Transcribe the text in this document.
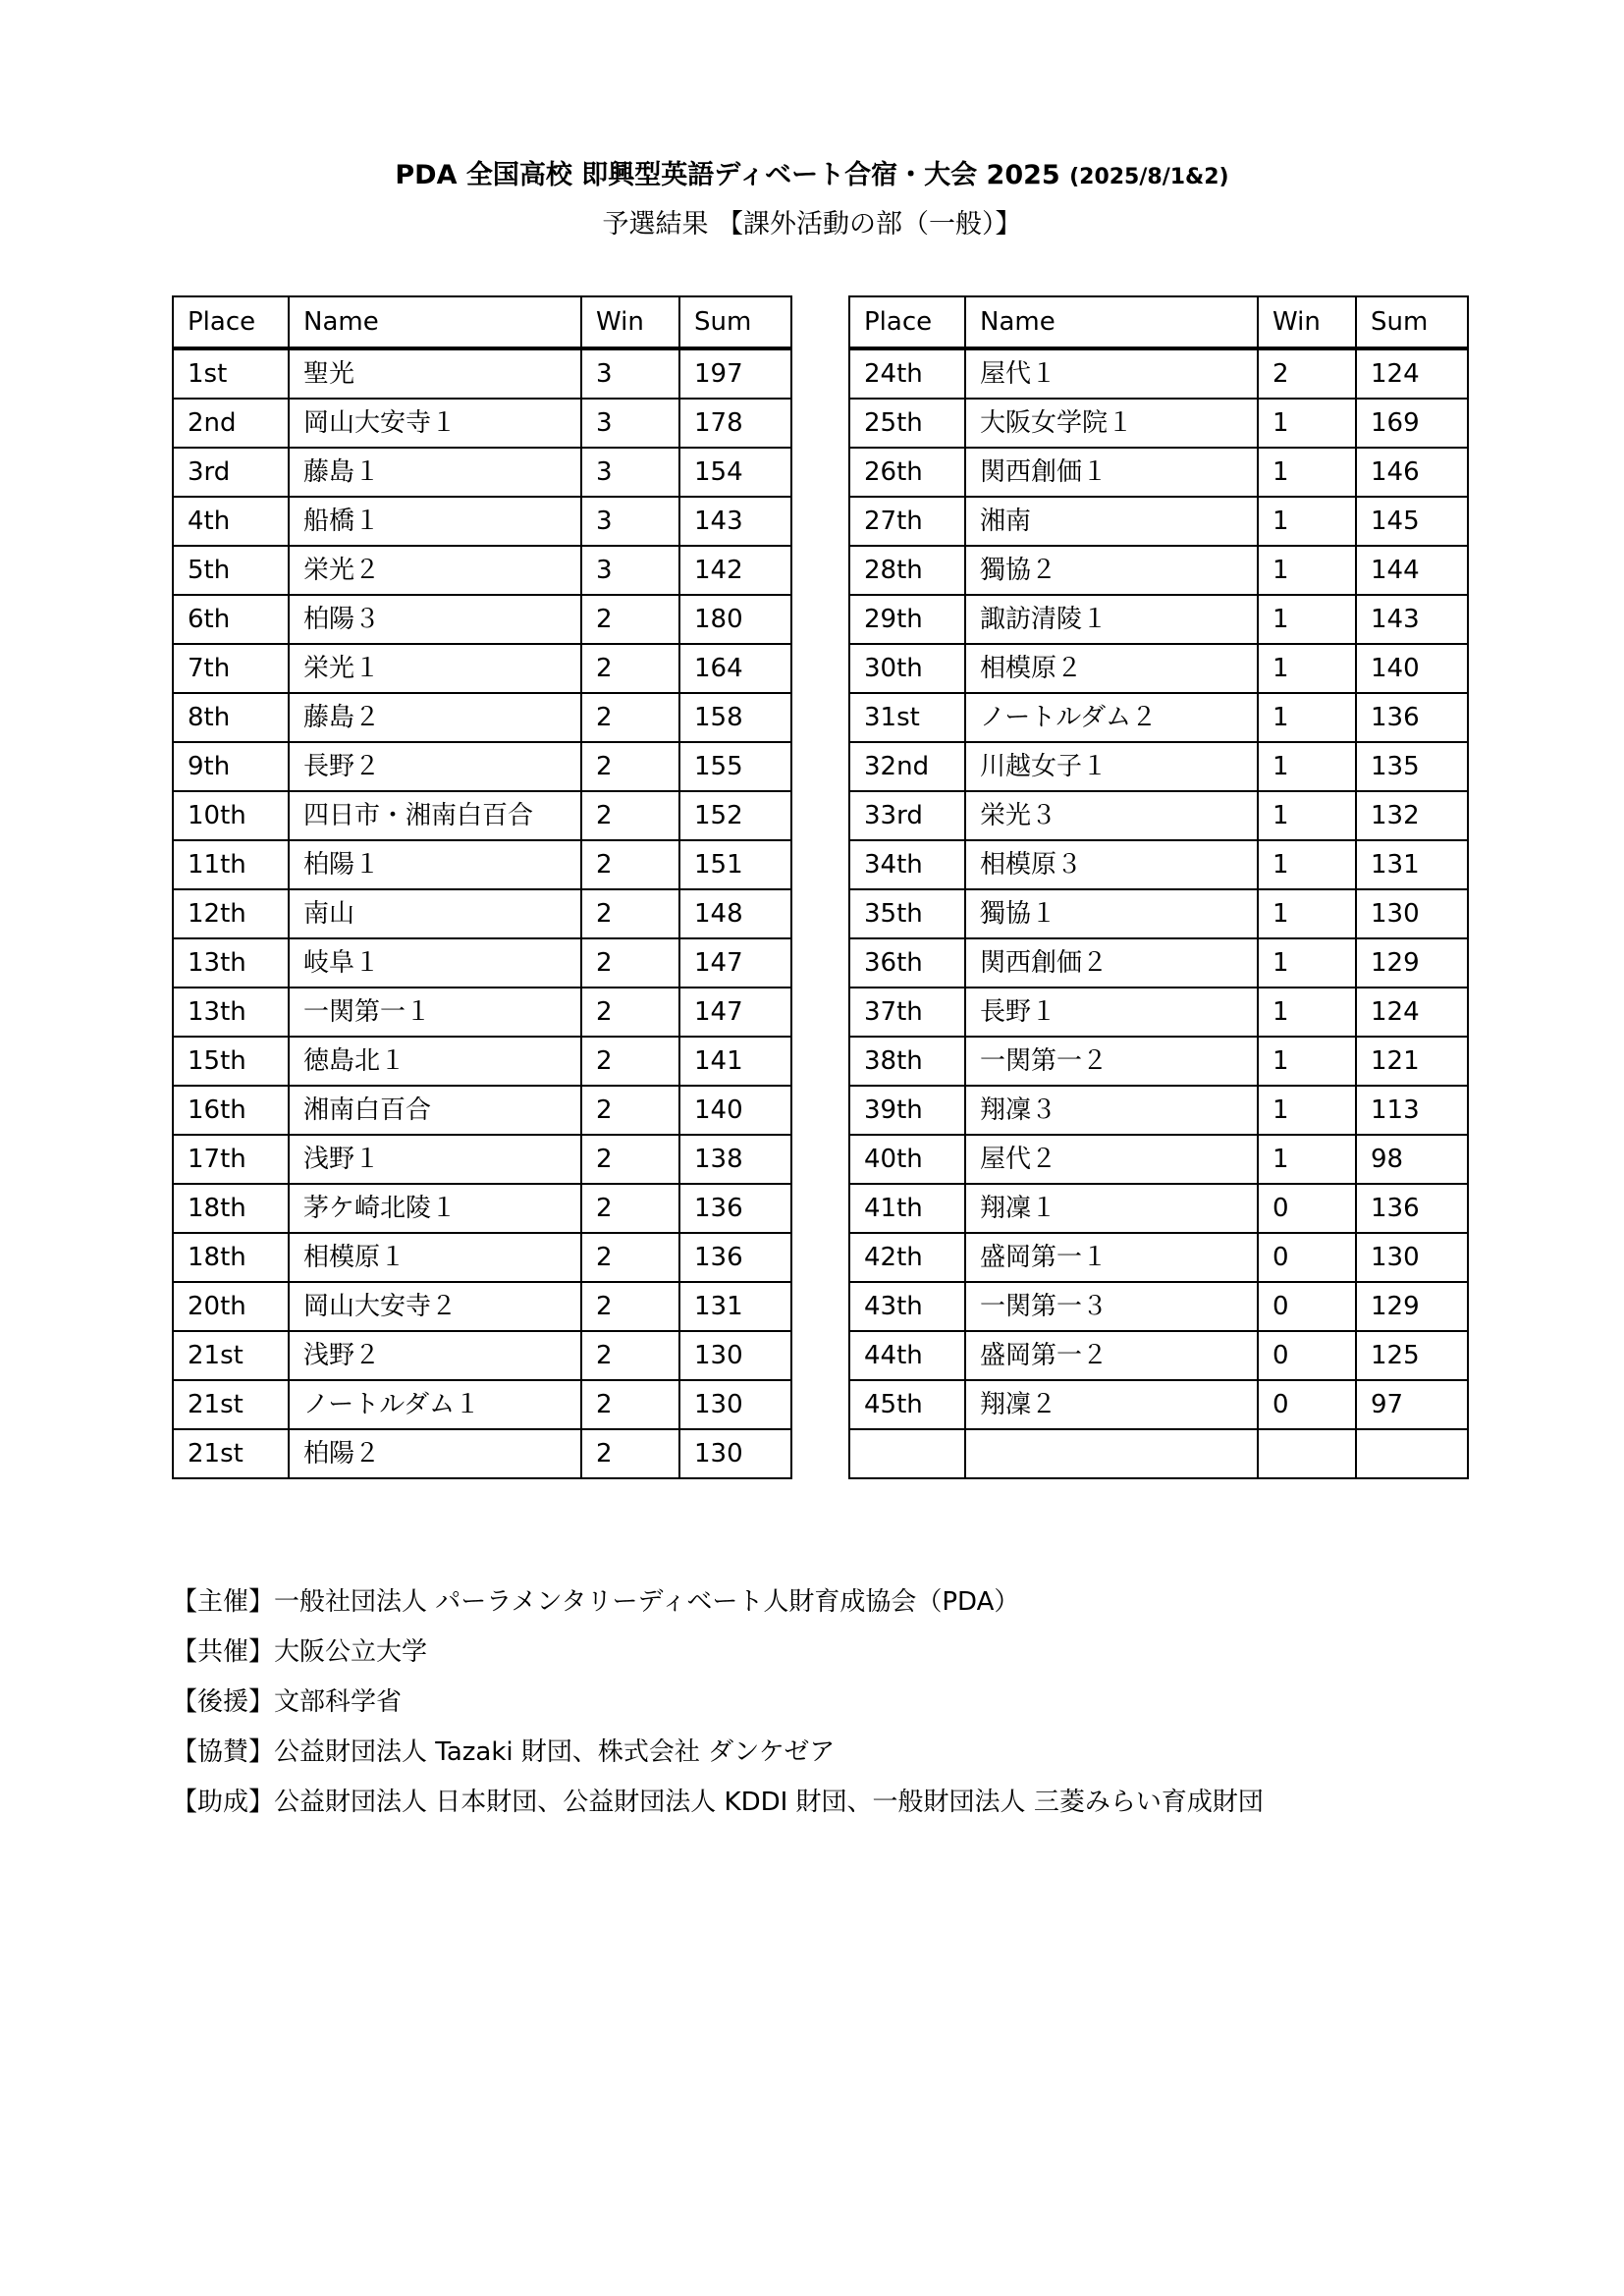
PDA 全国高校 即興型英語ディベート合宿・大会 2025 (2025/8/1&2)
予選結果 【課外活動の部（一般）】
Place	Name	Win	Sum
1st	聖光	3	197
2nd	岡山大安寺１	3	178
3rd	藤島１	3	154
4th	船橋１	3	143
5th	栄光２	3	142
6th	柏陽３	2	180
7th	栄光１	2	164
8th	藤島２	2	158
9th	長野２	2	155
10th	四日市・湘南白百合	2	152
11th	柏陽１	2	151
12th	南山	2	148
13th	岐阜１	2	147
13th	一関第一１	2	147
15th	徳島北１	2	141
16th	湘南白百合	2	140
17th	浅野１	2	138
18th	茅ケ崎北陵１	2	136
18th	相模原１	2	136
20th	岡山大安寺２	2	131
21st	浅野２	2	130
21st	ノートルダム１	2	130
21st	柏陽２	2	130
Place	Name	Win	Sum
24th	屋代１	2	124
25th	大阪女学院１	1	169
26th	関西創価１	1	146
27th	湘南	1	145
28th	獨協２	1	144
29th	諏訪清陵１	1	143
30th	相模原２	1	140
31st	ノートルダム２	1	136
32nd	川越女子１	1	135
33rd	栄光３	1	132
34th	相模原３	1	131
35th	獨協１	1	130
36th	関西創価２	1	129
37th	長野１	1	124
38th	一関第一２	1	121
39th	翔凜３	1	113
40th	屋代２	1	98
41th	翔凜１	0	136
42th	盛岡第一１	0	130
43th	一関第一３	0	129
44th	盛岡第一２	0	125
45th	翔凜２	0	97

【主催】一般社団法人 パーラメンタリーディベート人財育成協会（PDA）
【共催】大阪公立大学
【後援】文部科学省
【協賛】公益財団法人 Tazaki 財団、株式会社 ダンケゼア
【助成】公益財団法人 日本財団、公益財団法人 KDDI 財団、一般財団法人 三菱みらい育成財団
